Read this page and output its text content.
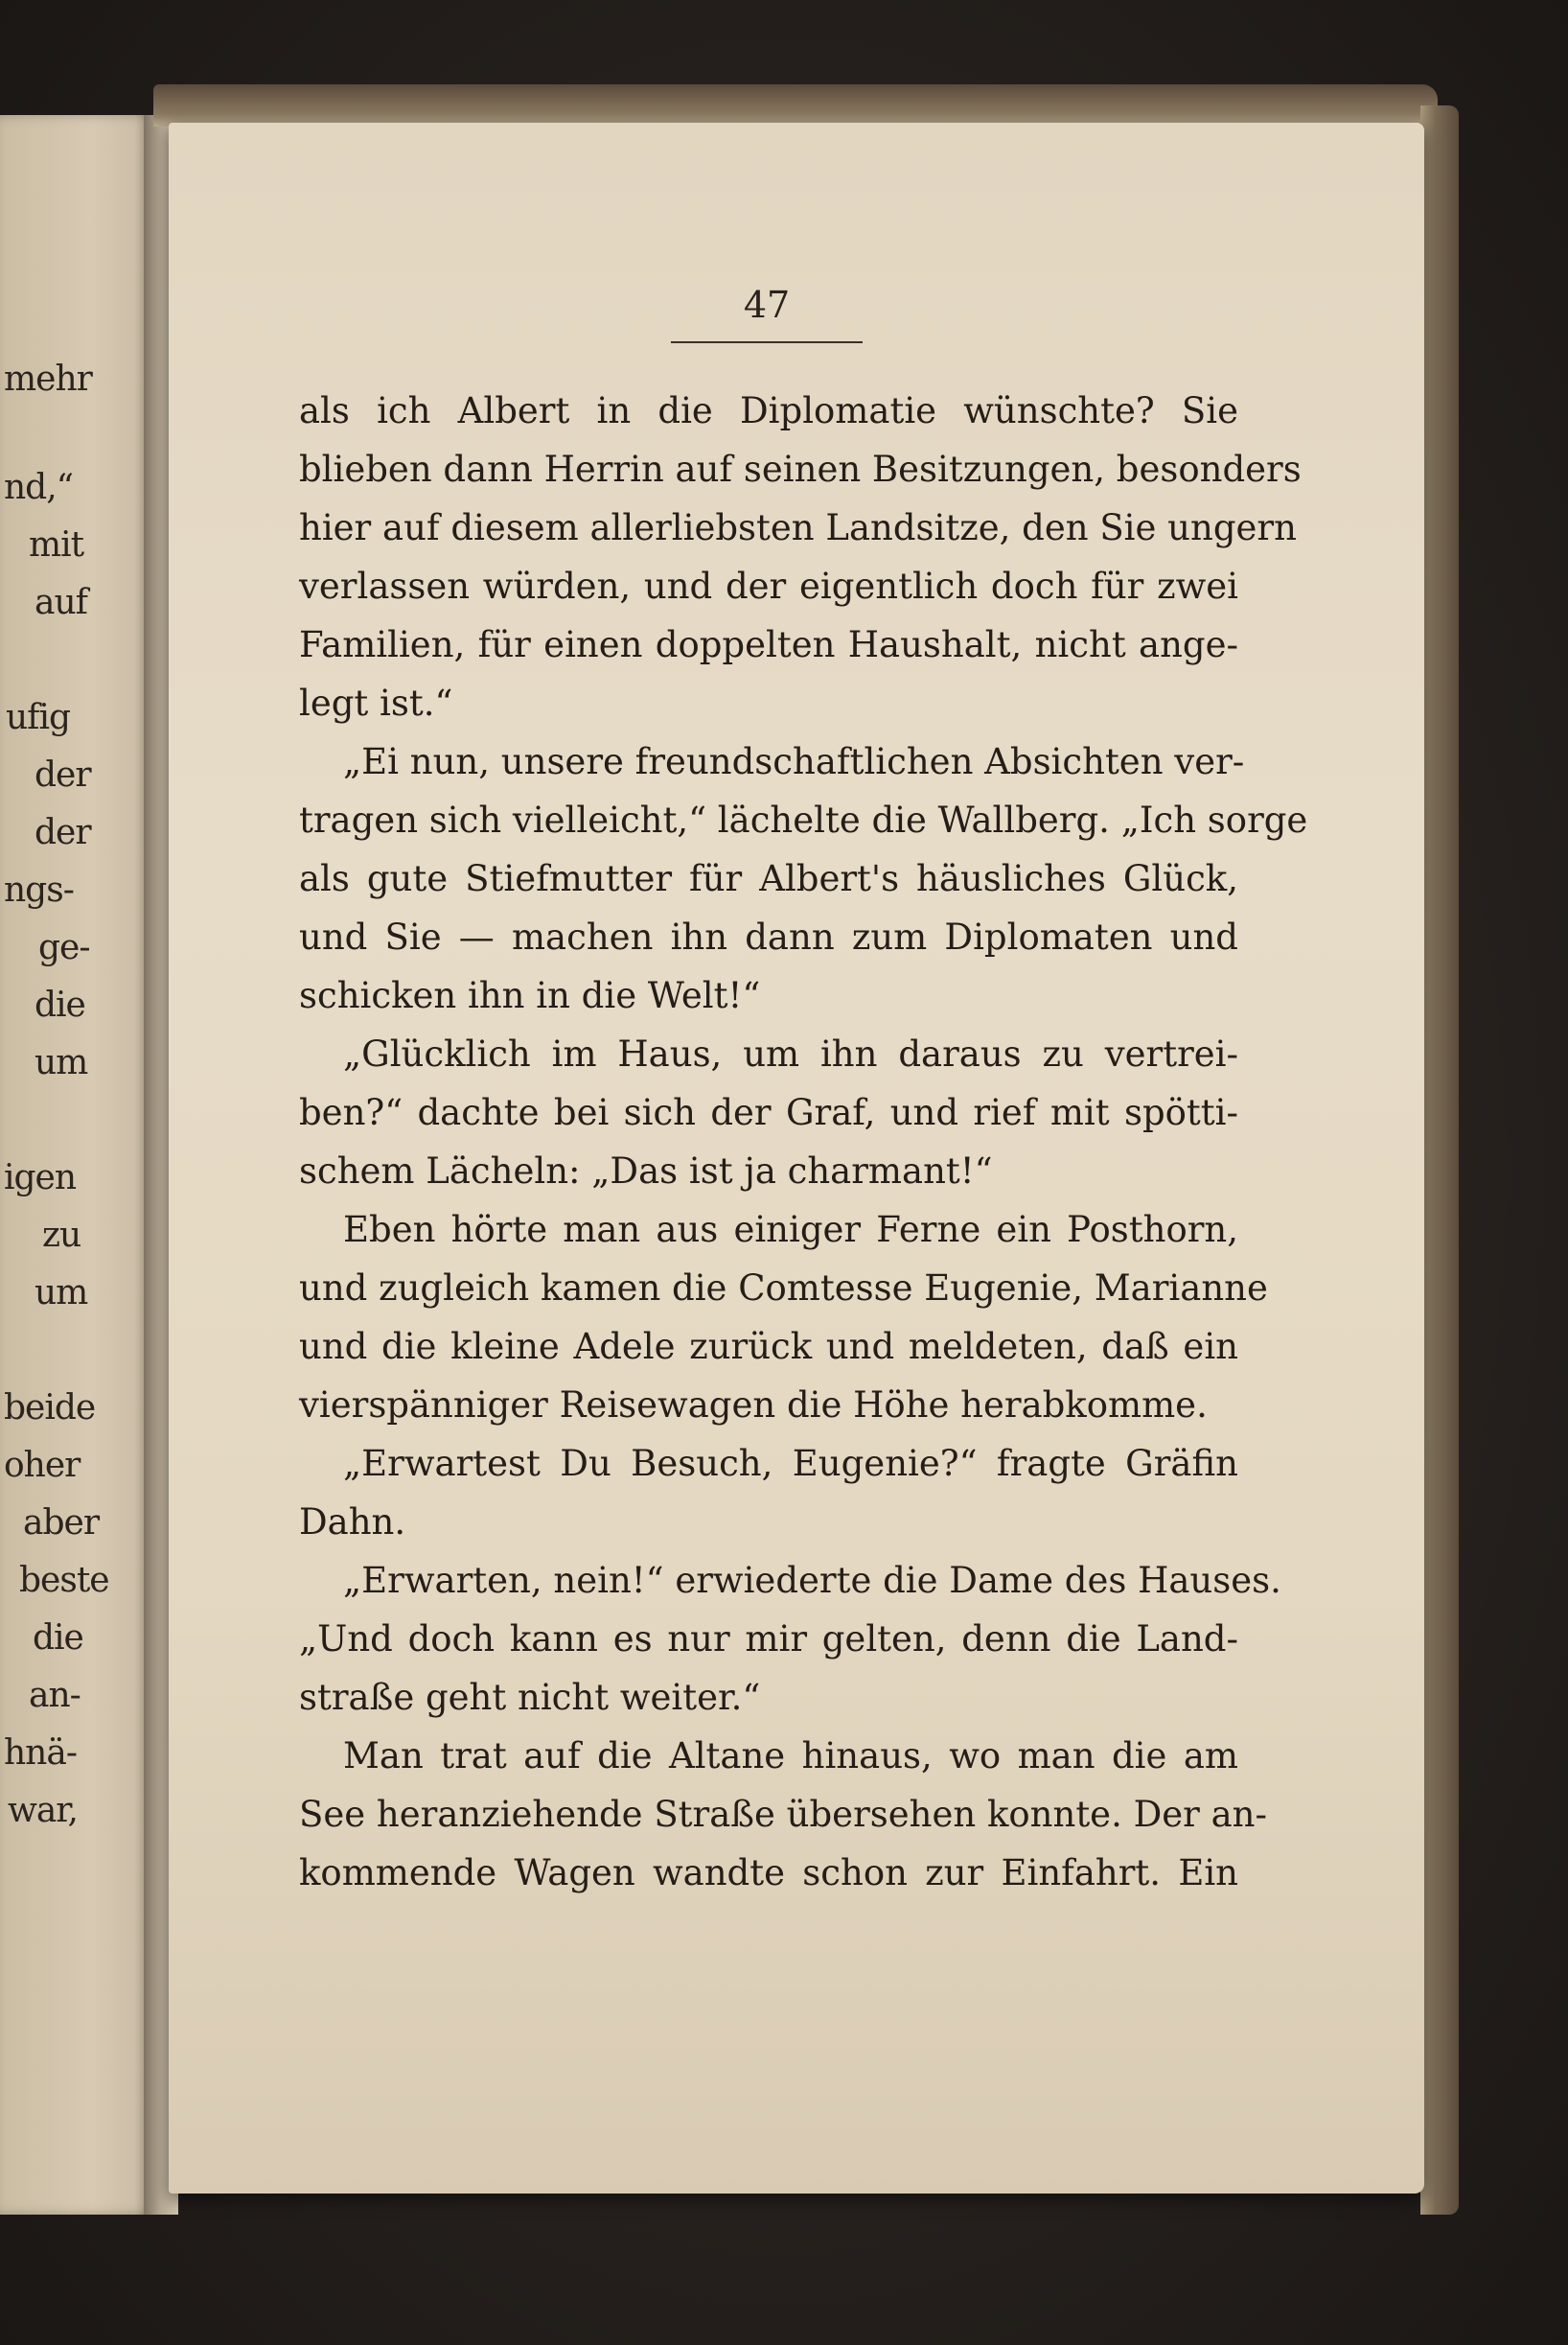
mehr
nd,“
mit
auf
ufig
der
der
ngs-
ge-
die
um
igen
zu
um
beide
oher
aber
beste
die
an-
hnä-
war,
47
als ich Albert in die Diplomatie wünschte? Sie
blieben dann Herrin auf seinen Besitzungen, besonders
hier auf diesem allerliebsten Landsitze, den Sie ungern
verlassen würden, und der eigentlich doch für zwei
Familien, für einen doppelten Haushalt, nicht ange-
legt ist.“
„Ei nun, unsere freundschaftlichen Absichten ver-
tragen sich vielleicht,“ lächelte die Wallberg. „Ich sorge
als gute Stiefmutter für Albert's häusliches Glück,
und Sie — machen ihn dann zum Diplomaten und
schicken ihn in die Welt!“
„Glücklich im Haus, um ihn daraus zu vertrei-
ben?“ dachte bei sich der Graf, und rief mit spötti-
schem Lächeln: „Das ist ja charmant!“
Eben hörte man aus einiger Ferne ein Posthorn,
und zugleich kamen die Comtesse Eugenie, Marianne
und die kleine Adele zurück und meldeten, daß ein
vierspänniger Reisewagen die Höhe herabkomme.
„Erwartest Du Besuch, Eugenie?“ fragte Gräfin
Dahn.
„Erwarten, nein!“ erwiederte die Dame des Hauses.
„Und doch kann es nur mir gelten, denn die Land-
straße geht nicht weiter.“
Man trat auf die Altane hinaus, wo man die am
See heranziehende Straße übersehen konnte. Der an-
kommende Wagen wandte schon zur Einfahrt. Ein
